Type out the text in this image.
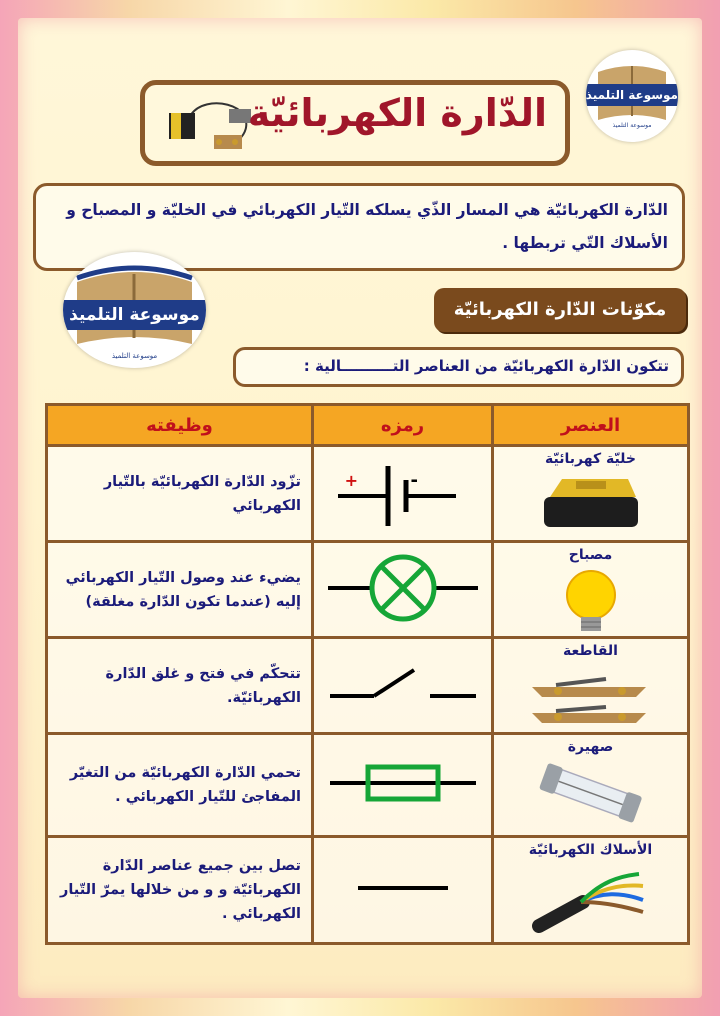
موسوعة التلميذ
موسوعة التلميذ
الدّارة الكهربائيّة
الدّارة الكهربائيّة هي المسار الذّي يسلكه التّيار الكهربائي في الخليّة و المصباح و الأسلاك التّي تربطها .
موسوعة التلميذ
موسوعة التلميذ
مكوّنات الدّارة الكهربائيّة
تتكون الدّارة الكهربائيّة من العناصر التــــــــــالية :
العنصر	رمزه	وظيفته

خليّة كهربائيّة	+ -	تزّود الدّارة الكهربائيّة بالتّيار الكهربائي

مصباح		يضيء عند وصول التّيار الكهربائي إليه (عندما تكون الدّارة مغلقة)

القاطعة		تتحكّم في فتح و غلق الدّارة الكهربائيّة.

صهيرة		تحمي الدّارة الكهربائيّة من التغيّر المفاجئ للتّيار الكهربائي .

الأسلاك الكهربائيّة		تصل بين جميع عناصر الدّارة الكهربائيّة و و من خلالها يمرّ التّيار الكهربائي .
